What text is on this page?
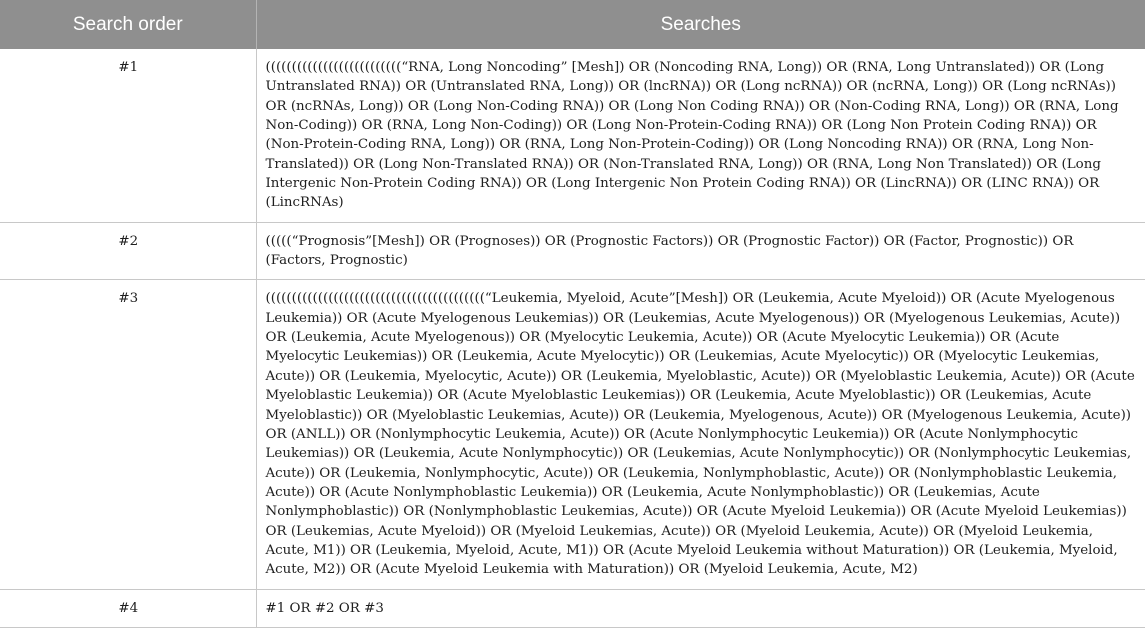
Search order	Searches
#1	((((((((((((((((((((((((((“RNA, Long Noncoding” [Mesh]) OR (Noncoding RNA, Long)) OR (RNA, Long Untranslated)) OR (Long Untranslated RNA)) OR (Untranslated RNA, Long)) OR (lncRNA)) OR (Long ncRNA)) OR (ncRNA, Long)) OR (Long ncRNAs)) OR (ncRNAs, Long)) OR (Long Non-Coding RNA)) OR (Long Non Coding RNA)) OR (Non-Coding RNA, Long)) OR (RNA, Long Non-Coding)) OR (RNA, Long Non-Coding)) OR (Long Non-Protein-Coding RNA)) OR (Long Non Protein Coding RNA)) OR (Non-Protein-Coding RNA, Long)) OR (RNA, Long Non-Protein-Coding)) OR (Long Noncoding RNA)) OR (RNA, Long Non-Translated)) OR (Long Non-Translated RNA)) OR (Non-Translated RNA, Long)) OR (RNA, Long Non Translated)) OR (Long Intergenic Non-Protein Coding RNA)) OR (Long Intergenic Non Protein Coding RNA)) OR (LincRNA)) OR (LINC RNA)) OR (LincRNAs)
#2	(((((“Prognosis”[Mesh]) OR (Prognoses)) OR (Prognostic Factors)) OR (Prognostic Factor)) OR (Factor, Prognostic)) OR (Factors, Prognostic)
#3	((((((((((((((((((((((((((((((((((((((((((“Leukemia, Myeloid, Acute”[Mesh]) OR (Leukemia, Acute Myeloid)) OR (Acute Myelogenous Leukemia)) OR (Acute Myelogenous Leukemias)) OR (Leukemias, Acute Myelogenous)) OR (Myelogenous Leukemias, Acute)) OR (Leukemia, Acute Myelogenous)) OR (Myelocytic Leukemia, Acute)) OR (Acute Myelocytic Leukemia)) OR (Acute Myelocytic Leukemias)) OR (Leukemia, Acute Myelocytic)) OR (Leukemias, Acute Myelocytic)) OR (Myelocytic Leukemias, Acute)) OR (Leukemia, Myelocytic, Acute)) OR (Leukemia, Myeloblastic, Acute)) OR (Myeloblastic Leukemia, Acute)) OR (Acute Myeloblastic Leukemia)) OR (Acute Myeloblastic Leukemias)) OR (Leukemia, Acute Myeloblastic)) OR (Leukemias, Acute Myeloblastic)) OR (Myeloblastic Leukemias, Acute)) OR (Leukemia, Myelogenous, Acute)) OR (Myelogenous Leukemia, Acute)) OR (ANLL)) OR (Nonlymphocytic Leukemia, Acute)) OR (Acute Nonlymphocytic Leukemia)) OR (Acute Nonlymphocytic Leukemias)) OR (Leukemia, Acute Nonlymphocytic)) OR (Leukemias, Acute Nonlymphocytic)) OR (Nonlymphocytic Leukemias, Acute)) OR (Leukemia, Nonlymphocytic, Acute)) OR (Leukemia, Nonlymphoblastic, Acute)) OR (Nonlymphoblastic Leukemia, Acute)) OR (Acute Nonlymphoblastic Leukemia)) OR (Leukemia, Acute Nonlymphoblastic)) OR (Leukemias, Acute Nonlymphoblastic)) OR (Nonlymphoblastic Leukemias, Acute)) OR (Acute Myeloid Leukemia)) OR (Acute Myeloid Leukemias)) OR (Leukemias, Acute Myeloid)) OR (Myeloid Leukemias, Acute)) OR (Myeloid Leukemia, Acute)) OR (Myeloid Leukemia, Acute, M1)) OR (Leukemia, Myeloid, Acute, M1)) OR (Acute Myeloid Leukemia without Maturation)) OR (Leukemia, Myeloid, Acute, M2)) OR (Acute Myeloid Leukemia with Maturation)) OR (Myeloid Leukemia, Acute, M2)
#4	#1 OR #2 OR #3
